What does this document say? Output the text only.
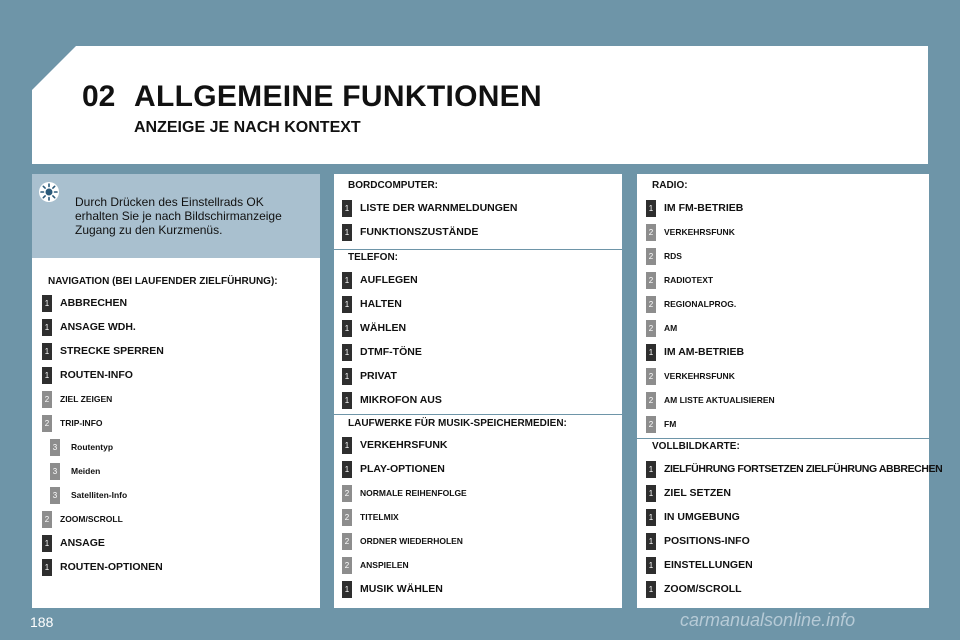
02 ALLGEMEINE FUNKTIONEN
ANZEIGE JE NACH KONTEXT
Durch Drücken des Einstellrads OK erhalten Sie je nach Bildschirmanzeige Zugang zu den Kurzmenüs.
NAVIGATION (BEI LAUFENDER ZIELFÜHRUNG):
BORDCOMPUTER:
TELEFON:
LAUFWERKE FÜR MUSIK-SPEICHERMEDIEN:
RADIO:
VOLLBILDKARTE:
1 ABBRECHEN
1 ANSAGE WDH.
1 STRECKE SPERREN
1 ROUTEN-INFO
2	ZIEL ZEIGEN
2	TRIP-INFO
3	Routentyp
3	Meiden
3	Satelliten-Info
2	ZOOM/SCROLL
1 ANSAGE
1 ROUTEN-OPTIONEN
1 LISTE DER WARNMELDUNGEN
1 FUNKTIONSZUSTÄNDE
1 AUFLEGEN
1 HALTEN
1 WÄHLEN
1 DTMF-TÖNE
1 PRIVAT
1 MIKROFON AUS
1 VERKEHRSFUNK
1 PLAY-OPTIONEN
2	NORMALE REIHENFOLGE
2	TITELMIX
2	ORDNER WIEDERHOLEN
2	ANSPIELEN
1 MUSIK WÄHLEN
1 IM FM-BETRIEB
2	VERKEHRSFUNK
2	RDS
2	RADIOTEXT
2	REGIONALPROG.
2	AM
1 IM AM-BETRIEB
2	VERKEHRSFUNK
2	AM LISTE AKTUALISIEREN
2	FM
1 ZIELFÜHRUNG FORTSETZEN ZIELFÜHRUNG ABBRECHEN
1 ZIEL SETZEN
1 IN UMGEBUNG
1 POSITIONS-INFO
1 EINSTELLUNGEN
1 ZOOM/SCROLL
188	carmanualsonline.info
